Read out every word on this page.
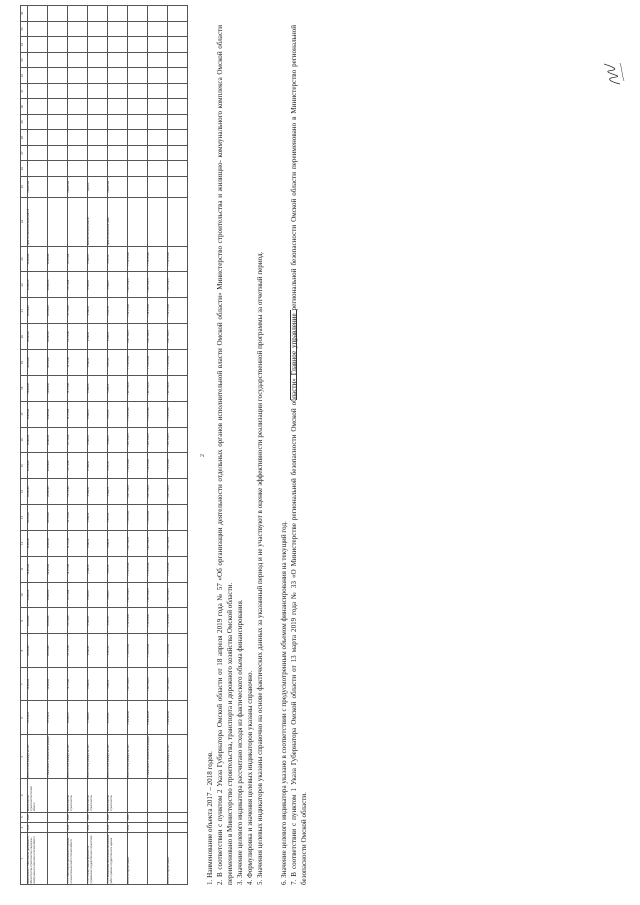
2
1	2	3	4	5	6	7	8	9	10	11	12	13	14	15	16	17	18	19	20	21	22	23	24	25	26	27	28	29	30	31	32	33	34	35	36
Мероприятие 1 Обеспечение деятельности Министерства строительства и жилищно-коммунального комплекса Омской области	2014	2020	Министерство строительства Омской области	Всего, из них расходы за счет:	175 954,32	26 665,88	26 676,48	26 676,48	26 665,88	26 676,48	26 665,88	26 676,48	26 665,88	26 676,48	26 665,88	26 676,48	26 665,88	26 676,48	26 665,88	26 676,48	26 665,88	26 676,48	Доля исполненных мероприятий	процентов											
				1. Налоговых и неналоговых доходов	175 954,32	26 665,88	26 676,48	26 676,48	26 665,88	26 676,48	26 665,88	26 676,48	26 665,88	26 676,48	26 665,88	26 676,48	26 665,88	26 676,48	26 665,88	26 676,48	26 665,88	26 676,48													
1.1.1. Обеспечение деятельности органов исполнительной власти Омской области	2014	2020	Министерство строительства	Всего, из них расходы за счет:	98 869,55	14 112,86	14 112,86	14 112,86	14 112,86	14 112,86	14 112,86	14 112,86	14 112,86	14 112,86	14 112,86	14 112,86	14 112,86	14 112,86	14 112,86	14 112,86	14 112,86	14 112,86		процентов											
1.1.2. Осуществление функций по управлению государственным имуществом	2014	2020	Министерство строительства	Всего, из них расходы за счет:	51 606,88	8 566,30	8 566,30	8 566,30	8 566,30	8 566,30	8 566,30	8 566,30	8 566,30	8 566,30	8 566,30	8 566,30	8 566,30	8 566,30	8 566,30	8 566,30	8 566,30	8 566,30	Количество мероприятий	единиц											
1.1.3. Финансовое обеспечение выполнения работ в рамках государственного задания	2014	2020	Министерство строительства	Всего, из них расходы за счет:	25 477,89	3 986,72	3 997,32	3 997,32	3 986,72	3 997,32	3 986,72	3 997,32	3 986,72	3 997,32	3 986,72	3 997,32	3 986,72	3 997,32	3 986,72	3 997,32	3 986,72	3 997,32	Доля выполненных работ	процентов											
Итого по подпрограмме	2014	2020		Всего, из них расходы за счет:	2 384 028,43	1 027 354,57	1 114 255,69	1 114 255,69	1 027 354,57	1 114 255,69	1 027 354,57	1 114 255,69	1 027 354,57	1 114 255,69	1 027 354,57	1 114 255,69	1 027 354,57	1 114 255,69	1 027 354,57	1 114 255,69	1 027 354,57	1 114 255,69													
				1. Налоговых и неналоговых доходов	2 384 028,43	1 027 354,57	1 114 255,69	1 114 255,69	1 027 354,57	1 114 255,69	1 027 354,57	1 114 255,69	1 027 354,57	1 114 255,69	1 027 354,57	1 114 255,69	1 027 354,57	1 114 255,69	1 027 354,57	1 114 255,69	1 027 354,57	1 114 255,69													
Итого по подпрограмме				Всего, из них расходы за счет:	2 384 028,43	1 027 354,57	1 114 255,69	1 114 255,69	1 027 354,57	1 114 255,69	1 027 354,57	1 114 255,69	1 027 354,57	1 114 255,69	1 027 354,57	1 114 255,69	1 027 354,57	1 114 255,69	1 027 354,57	1 114 255,69	1 027 354,57	1 114 255,69													
1. Наименование объекта 2017 – 2018 годов. 2. В соответствии с пунктом 2 Указа Губернатора Омской области от 18 апреля 2019 года № 57 «Об организации деятельности отдельных органов исполнительной власти Омской области» Министерство строительства и жилищно- коммунального комплекса Омской области переименовано в Министерство строительства, транспорта и дорожного хозяйства Омской области. 3. Значение целевого индикатора рассчитано исходя из фактического объема финансирования. 4. Формулировка и значения целевых индикаторов указаны справочно. 5. Значения целевых индикаторов указаны справочно на основе фактических данных за указанный период и не участвуют в оценке эффективности реализации государственной программы за отчетный период. 6. Значение целевого индикатора указано в соответствии с предусмотренным объемом финансирования на текущий год. 7. В соответствии с пунктом 1 Указа Губернатора Омской области от 13 марта 2019 года № 33 «О Министерстве региональной безопасности Омской области» Главное управление региональной безопасности Омской области переименовано в Министерство региональной безопасности Омской области.
